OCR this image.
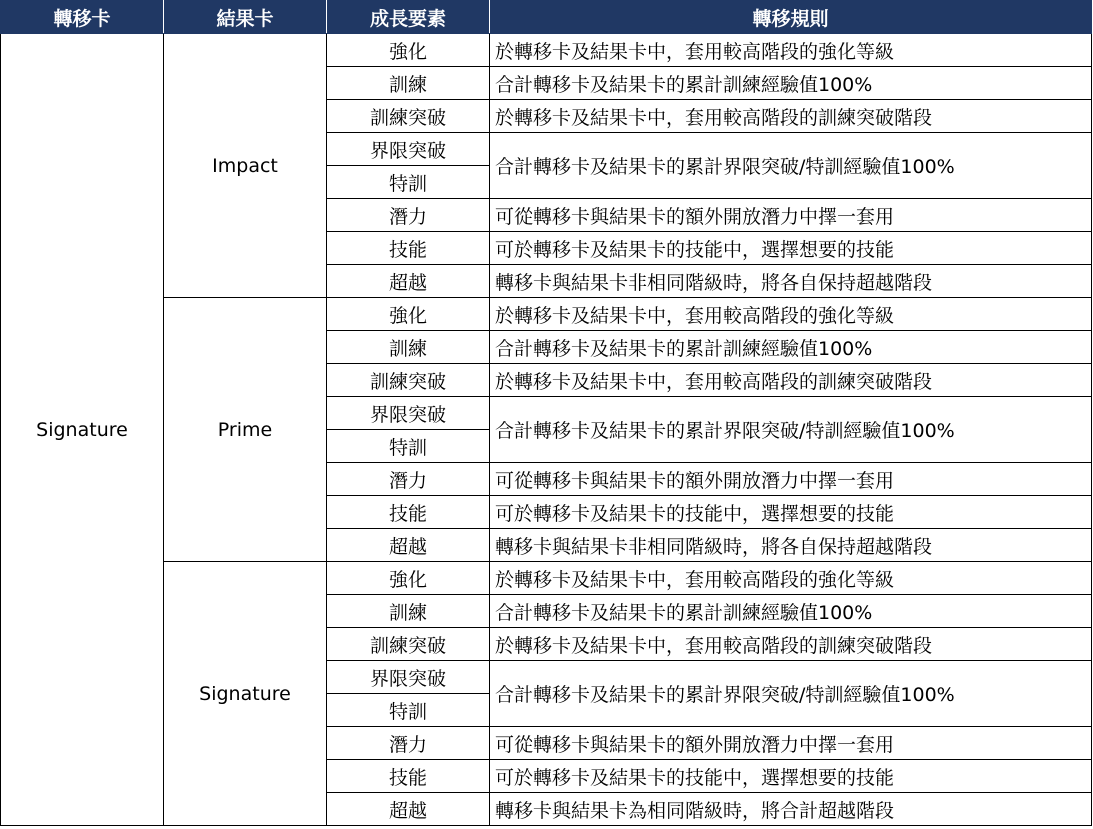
轉移卡	結果卡	成長要素	轉移規則
Signature	Impact	強化	於轉移卡及結果卡中，套用較高階段的強化等級
		訓練	合計轉移卡及結果卡的累計訓練經驗值100%
		訓練突破	於轉移卡及結果卡中，套用較高階段的訓練突破階段
		界限突破	合計轉移卡及結果卡的累計界限突破/特訓經驗值100%
		特訓	
		潛力	可從轉移卡與結果卡的額外開放潛力中擇一套用
		技能	可於轉移卡及結果卡的技能中，選擇想要的技能
		超越	轉移卡與結果卡非相同階級時，將各自保持超越階段
	Prime	強化	於轉移卡及結果卡中，套用較高階段的強化等級
		訓練	合計轉移卡及結果卡的累計訓練經驗值100%
		訓練突破	於轉移卡及結果卡中，套用較高階段的訓練突破階段
		界限突破	合計轉移卡及結果卡的累計界限突破/特訓經驗值100%
		特訓	
		潛力	可從轉移卡與結果卡的額外開放潛力中擇一套用
		技能	可於轉移卡及結果卡的技能中，選擇想要的技能
		超越	轉移卡與結果卡非相同階級時，將各自保持超越階段
	Signature	強化	於轉移卡及結果卡中，套用較高階段的強化等級
		訓練	合計轉移卡及結果卡的累計訓練經驗值100%
		訓練突破	於轉移卡及結果卡中，套用較高階段的訓練突破階段
		界限突破	合計轉移卡及結果卡的累計界限突破/特訓經驗值100%
		特訓	
		潛力	可從轉移卡與結果卡的額外開放潛力中擇一套用
		技能	可於轉移卡及結果卡的技能中，選擇想要的技能
		超越	轉移卡與結果卡為相同階級時，將合計超越階段
